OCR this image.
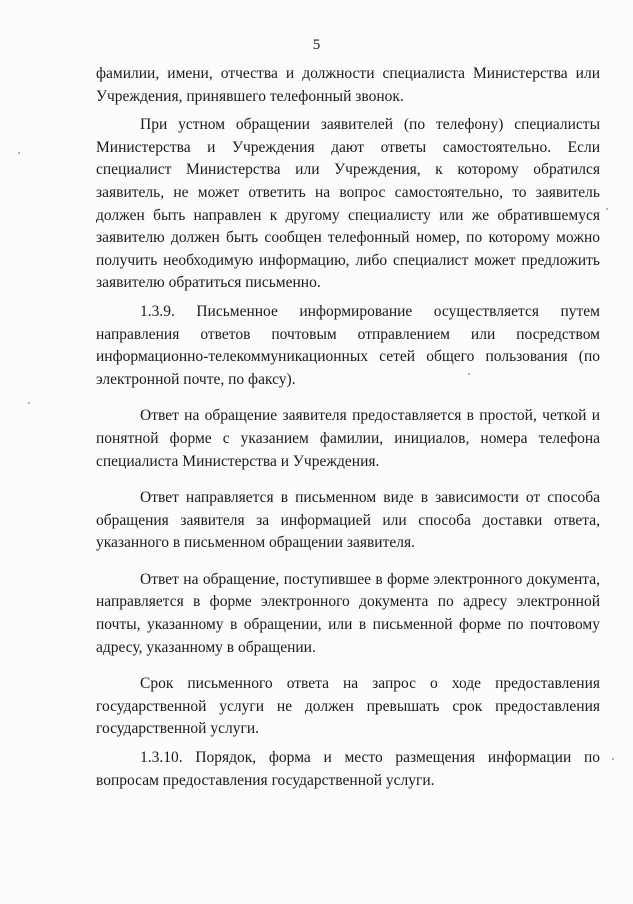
5

фамилии, имени, отчества и должности специалиста Министерства или Учреждения, принявшего телефонный звонок.

При устном обращении заявителей (по телефону) специалисты Министерства и Учреждения дают ответы самостоятельно. Если специалист Министерства или Учреждения, к которому обратился заявитель, не может ответить на вопрос самостоятельно, то заявитель должен быть направлен к другому специалисту или же обратившемуся заявителю должен быть сообщен телефонный номер, по которому можно получить необходимую информацию, либо специалист может предложить заявителю обратиться письменно.

1.3.9. Письменное информирование осуществляется путем направления ответов почтовым отправлением или посредством информационно-телекоммуникационных сетей общего пользования (по электронной почте, по факсу).

Ответ на обращение заявителя предоставляется в простой, четкой и понятной форме с указанием фамилии, инициалов, номера телефона специалиста Министерства и Учреждения.

Ответ направляется в письменном виде в зависимости от способа обращения заявителя за информацией или способа доставки ответа, указанного в письменном обращении заявителя.

Ответ на обращение, поступившее в форме электронного документа, направляется в форме электронного документа по адресу электронной почты, указанному в обращении, или в письменной форме по почтовому адресу, указанному в обращении.

Срок письменного ответа на запрос о ходе предоставления государственной услуги не должен превышать срок предоставления государственной услуги.

1.3.10. Порядок, форма и место размещения информации по вопросам предоставления государственной услуги.
